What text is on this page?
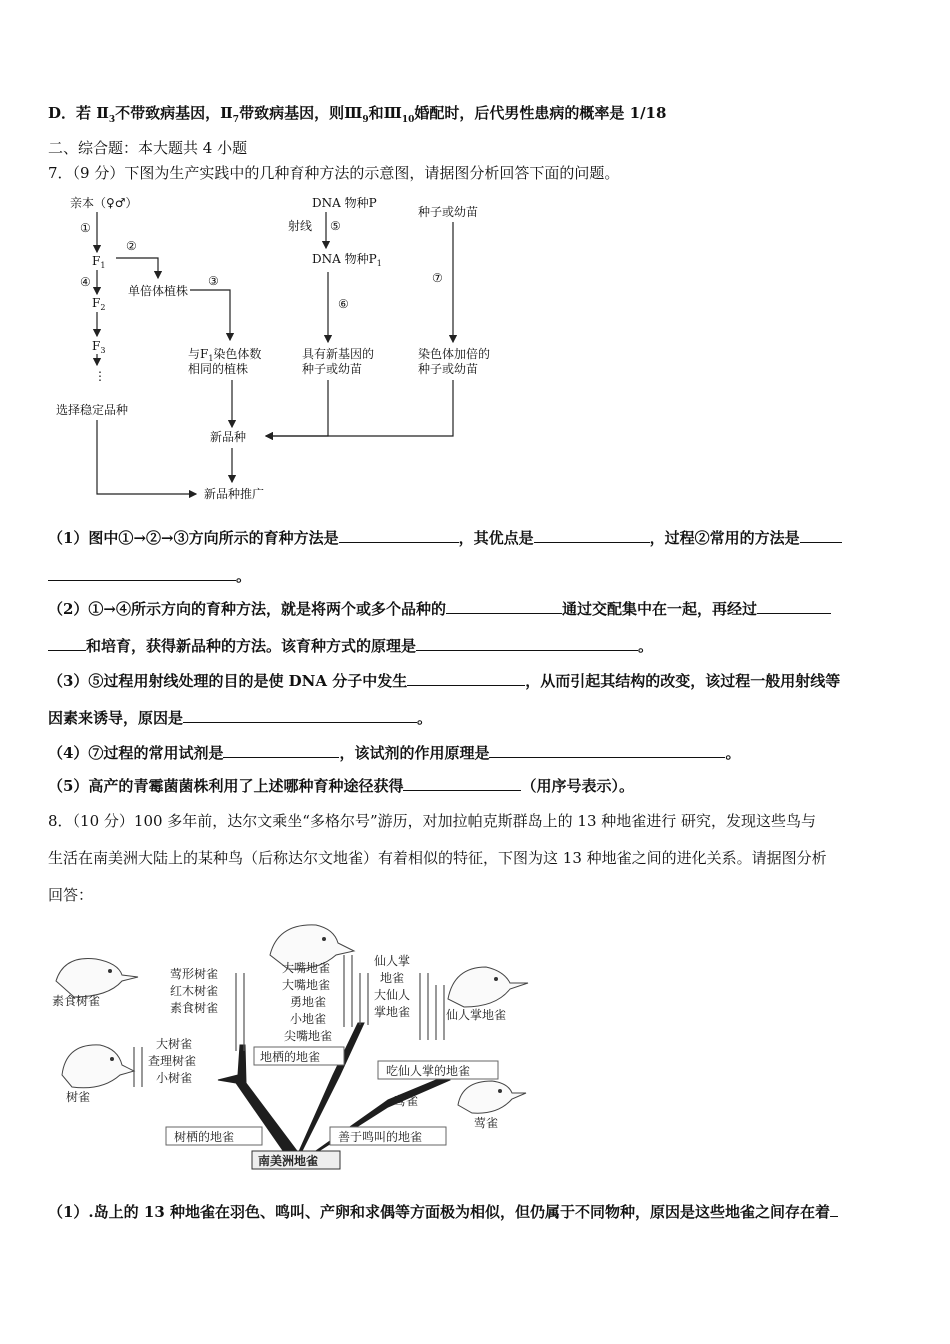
D．若 $Ⅱ_3$不带致病基因，$Ⅱ_7$带致病基因，则$Ⅲ_9$和$Ⅲ_{10}$婚配时，后代男性患病的概率是 1/18
二、综合题：本大题共 4 小题
7．（9 分）下图为生产实践中的几种育种方法的示意图，请据图分析回答下面的问题。
亲本（♀♂）
①
$F_1$
②
④
$F_2$
单倍体植株
③
$F_3$
⋮
选择稳定品种
与$F_1$染色体数
相同的植株
DNA 物种P
射线 ⑤
DNA 物种$P_1$
⑥
具有新基因的
种子或幼苗
种子或幼苗
⑦
染色体加倍的
种子或幼苗
新品种
新品种推广
（1）图中①→②→③方向所示的育种方法是	，其优点是	，过程②常用的方法是
。
（2）①→④所示方向的育种方法，就是将两个或多个品种的	通过交配集中在一起，再经过
和培育，获得新品种的方法。该育种方式的原理是	。
（3）⑤过程用射线处理的目的是使 DNA 分子中发生	，从而引起其结构的改变，该过程一般用射线等
因素来诱导，原因是	。
（4）⑦过程的常用试剂是	，该试剂的作用原理是	。
（5）高产的青霉菌菌株利用了上述哪种育种途径获得	（用序号表示）。
8．（10 分）100 多年前，达尔文乘坐“多格尔号”游历，对加拉帕克斯群岛上的 13 种地雀进行 研究，发现这些鸟与
生活在南美洲大陆上的某种鸟（后称达尔文地雀）有着相似的特征，下图为这 13 种地雀之间的进化关系。请据图分析
回答：
素食树雀
树雀
仙人掌地雀
莺雀
莺形树雀
红木树雀
素食树雀
大树雀
查理树雀
小树雀
大嘴地雀
大嘴地雀
勇地雀
小地雀
尖嘴地雀
仙人掌
地雀
大仙人
掌地雀
莺雀
地栖的地雀
吃仙人掌的地雀
树栖的地雀	善于鸣叫的地雀
南美洲地雀
（1）.岛上的 13 种地雀在羽色、鸣叫、产卵和求偶等方面极为相似，但仍属于不同物种，原因是这些地雀之间存在着
